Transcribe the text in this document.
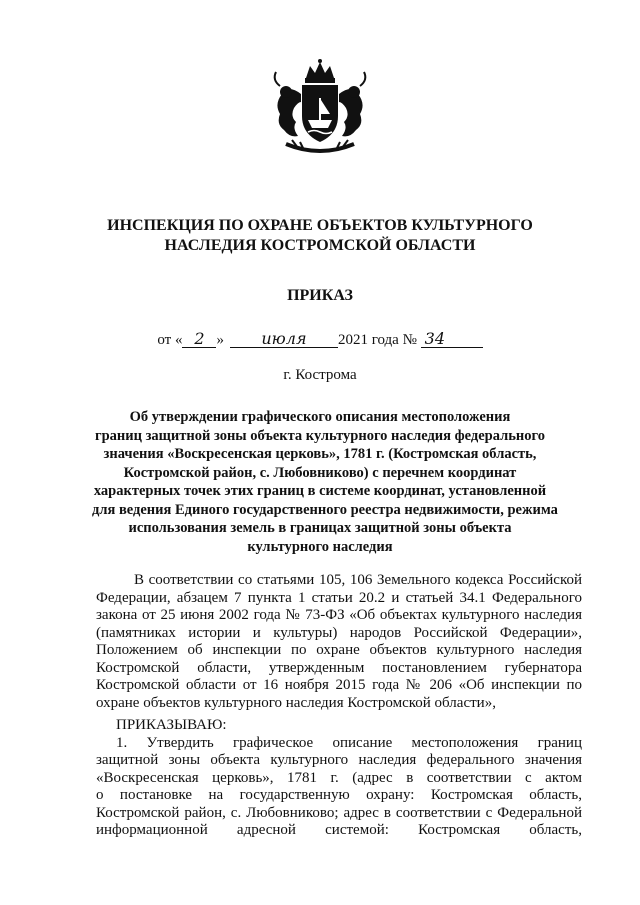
ИНСПЕКЦИЯ ПО ОХРАНЕ ОБЪЕКТОВ КУЛЬТУРНОГО
НАСЛЕДИЯ КОСТРОМСКОЙ ОБЛАСТИ
ПРИКАЗ
от « 2 » июля 2021 года № 34
г. Кострома
Об утверждении графического описания местоположения
границ защитной зоны объекта культурного наследия федерального
значения «Воскресенская церковь», 1781 г. (Костромская область,
Костромской район, с. Любовниково) с перечнем координат
характерных точек этих границ в системе координат, установленной
для ведения Единого государственного реестра недвижимости, режима
использования земель в границах защитной зоны объекта
культурного наследия
В соответствии со статьями 105, 106 Земельного кодекса Российской
Федерации, абзацем 7 пункта 1 статьи 20.2 и статьей 34.1 Федерального
закона от 25 июня 2002 года № 73-ФЗ «Об объектах культурного наследия
(памятниках истории и культуры) народов Российской Федерации»,
Положением об инспекции по охране объектов культурного наследия
Костромской области, утвержденным постановлением губернатора
Костромской области от 16 ноября 2015 года № 206 «Об инспекции по
охране объектов культурного наследия Костромской области»,
ПРИКАЗЫВАЮ:
1. Утвердить графическое описание местоположения границ
защитной зоны объекта культурного наследия федерального значения
«Воскресенская церковь», 1781 г. (адрес в соответствии с актом
о постановке на государственную охрану: Костромская область,
Костромской район, с. Любовниково; адрес в соответствии с Федеральной
информационной адресной системой: Костромская область,
